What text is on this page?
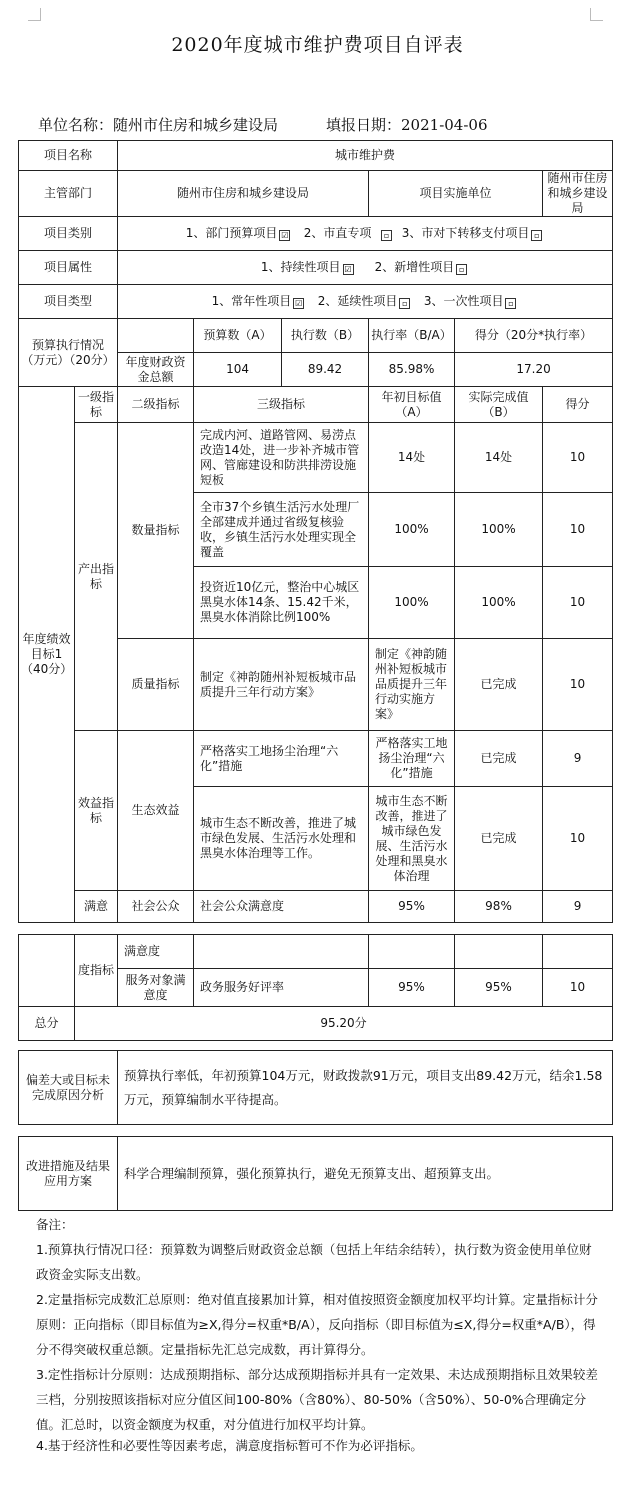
2020年度城市维护费项目自评表
单位名称：随州市住房和城乡建设局	填报日期：2021-04-06
项目名称		城市维护费					
主管部门		随州市住房和城乡建设局			项目实施单位		随州市住房和城乡建设局
项目类别		1、部门预算项目 ☑ 2、市直专项 ▫ 3、市对下转移支付项目 ▫					
项目属性		1、持续性项目 ☑ 2、新增性项目 ▫					
项目类型		1、常年性项目 ☑ 2、延续性项目 ▫ 3、一次性项目 ▫					
预算执行情况（万元）（20分）			预算数（A）	执行数（B）	执行率（B/A）	得分（20分*执行率）	
		年度财政资金总额	104	89.42	85.98%	17.20	
年度绩效目标1（40分）	一级指标	二级指标	三级指标		年初目标值（A）	实际完成值（B）	得分
	产出指标	数量指标	完成内河、道路管网、易涝点改造14处，进一步补齐城市管网、管廊建设和防洪排涝设施短板		14处	14处	10
			全市37个乡镇生活污水处理厂全部建成并通过省级复核验收，乡镇生活污水处理实现全覆盖		100%	100%	10
			投资近10亿元，整治中心城区黑臭水体14条、15.42千米，黑臭水体消除比例100%		100%	100%	10
		质量指标	制定《神韵随州补短板城市品质提升三年行动方案》		制定《神韵随州补短板城市品质提升三年行动实施方案》	已完成	10
	效益指标	生态效益	严格落实工地扬尘治理“六化”措施		严格落实工地扬尘治理“六化”措施	已完成	9
			城市生态不断改善，推进了城市绿色发展、生活污水处理和黑臭水体治理等工作。		城市生态不断改善，推进了城市绿色发展、生活污水处理和黑臭水体治理	已完成	10
	满意	社会公众	社会公众满意度		95%	98%	9
	度指标	满意度				
		服务对象满意度	政务服务好评率	95%	95%	10
总分	95.20分					

偏差大或目标未完成原因分析		预算执行率低，年初预算104万元，财政拨款91万元，项目支出89.42万元，结余1.58万元，预算编制水平待提高。				

改进措施及结果应用方案		科学合理编制预算，强化预算执行，避免无预算支出、超预算支出。				

备注：

1.预算执行情况口径：预算数为调整后财政资金总额（包括上年结余结转），执行数为资金使用单位财政资金实际支出数。

2.定量指标完成数汇总原则：绝对值直接累加计算，相对值按照资金额度加权平均计算。定量指标计分原则：正向指标（即目标值为≥X,得分=权重*B/A），反向指标（即目标值为≤X,得分=权重*A/B），得分不得突破权重总额。定量指标先汇总完成数，再计算得分。

3.定性指标计分原则：达成预期指标、部分达成预期指标并具有一定效果、未达成预期指标且效果较差三档，分别按照该指标对应分值区间100-80%（含80%）、80-50%（含50%）、50-0%合理确定分值。汇总时，以资金额度为权重，对分值进行加权平均计算。

4.基于经济性和必要性等因素考虑，满意度指标暂可不作为必评指标。
